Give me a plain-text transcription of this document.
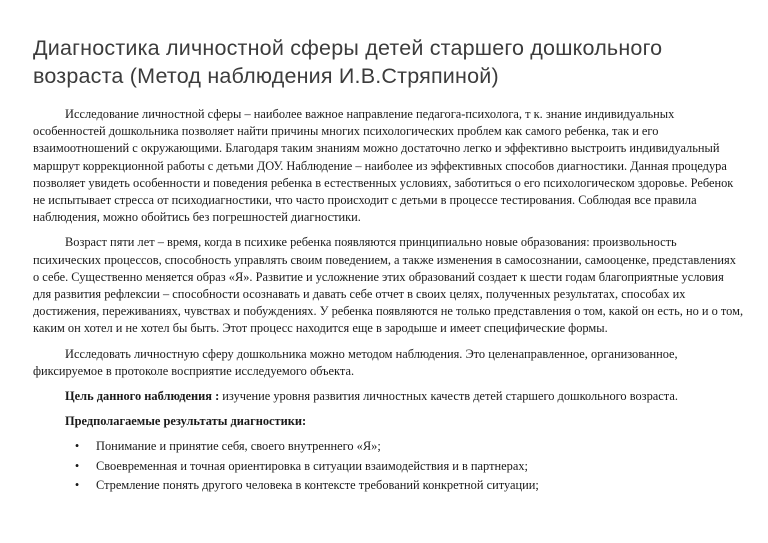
Диагностика личностной сферы детей старшего дошкольного возраста (Метод наблюдения И.В.Стряпиной)

Исследование личностной сферы – наиболее важное направление педагога-психолога, т к. знание индивидуальных особенностей дошкольника позволяет найти причины многих психологических проблем как самого ребенка, так и его взаимоотношений с окружающими. Благодаря таким знаниям можно достаточно легко и эффективно выстроить индивидуальный маршрут коррекционной работы с детьми ДОУ. Наблюдение – наиболее из эффективных способов диагностики. Данная процедура позволяет увидеть особенности и поведения ребенка в естественных условиях, заботиться о его психологическом здоровье. Ребенок не испытывает стресса от психодиагностики, что часто происходит с детьми в процессе тестирования. Соблюдая все правила наблюдения, можно обойтись без погрешностей диагностики.

Возраст пяти лет – время, когда в психике ребенка появляются принципиально новые образования: произвольность психических процессов, способность управлять своим поведением, а также изменения в самосознании, самооценке, представлениях о себе. Существенно меняется образ «Я». Развитие и усложнение этих образований создает к шести годам благоприятные условия для развития рефлексии – способности осознавать и давать себе отчет в своих целях, полученных результатах, способах их достижения, переживаниях, чувствах и побуждениях. У ребенка появляются не только представления о том, какой он есть, но и о том, каким он хотел и не хотел бы быть. Этот процесс находится еще в зародыше и имеет специфические формы.

Исследовать личностную сферу дошкольника можно методом наблюдения. Это целенаправленное, организованное, фиксируемое в протоколе восприятие исследуемого объекта.

Цель данного наблюдения : изучение уровня развития личностных качеств детей старшего дошкольного возраста.

Предполагаемые результаты диагностики:

•	Понимание и принятие себя, своего внутреннего «Я»;
•	Своевременная и точная ориентировка в ситуации взаимодействия и в партнерах;
•	Стремление понять другого человека в контексте требований конкретной ситуации;
